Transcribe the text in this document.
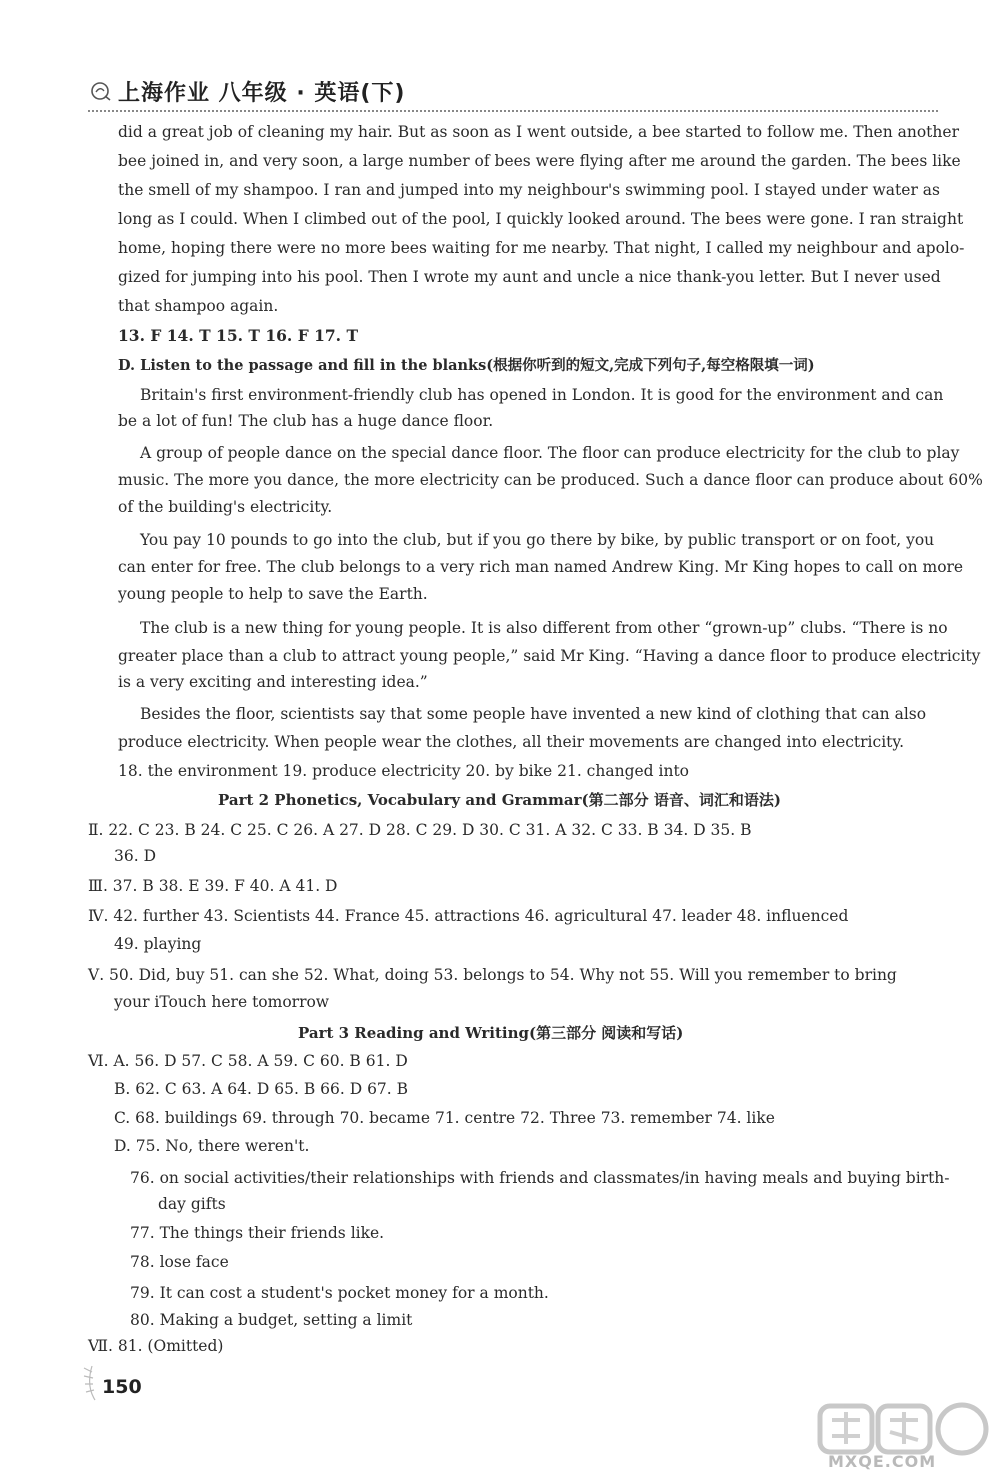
上海作业 八年级 · 英语(下)
did a great job of cleaning my hair. But as soon as I went outside, a bee started to follow me. Then another
bee joined in, and very soon, a large number of bees were flying after me around the garden. The bees like
the smell of my shampoo. I ran and jumped into my neighbour's swimming pool. I stayed under water as
long as I could. When I climbed out of the pool, I quickly looked around. The bees were gone. I ran straight
home, hoping there were no more bees waiting for me nearby. That night, I called my neighbour and apolo-
gized for jumping into his pool. Then I wrote my aunt and uncle a nice thank-you letter. But I never used
that shampoo again.
13. F 14. T 15. T 16. F 17. T
D. Listen to the passage and fill in the blanks(根据你听到的短文,完成下列句子,每空格限填一词)
Britain's first environment-friendly club has opened in London. It is good for the environment and can
be a lot of fun! The club has a huge dance floor.
A group of people dance on the special dance floor. The floor can produce electricity for the club to play
music. The more you dance, the more electricity can be produced. Such a dance floor can produce about 60%
of the building's electricity.
You pay 10 pounds to go into the club, but if you go there by bike, by public transport or on foot, you
can enter for free. The club belongs to a very rich man named Andrew King. Mr King hopes to call on more
young people to help to save the Earth.
The club is a new thing for young people. It is also different from other “grown-up” clubs. “There is no
greater place than a club to attract young people,” said Mr King. “Having a dance floor to produce electricity
is a very exciting and interesting idea.”
Besides the floor, scientists say that some people have invented a new kind of clothing that can also
produce electricity. When people wear the clothes, all their movements are changed into electricity.
18. the environment 19. produce electricity 20. by bike 21. changed into
Part 2 Phonetics, Vocabulary and Grammar(第二部分 语音、词汇和语法)
Ⅱ. 22. C 23. B 24. C 25. C 26. A 27. D 28. C 29. D 30. C 31. A 32. C 33. B 34. D 35. B
36. D
Ⅲ. 37. B 38. E 39. F 40. A 41. D
Ⅳ. 42. further 43. Scientists 44. France 45. attractions 46. agricultural 47. leader 48. influenced
49. playing
Ⅴ. 50. Did, buy 51. can she 52. What, doing 53. belongs to 54. Why not 55. Will you remember to bring
your iTouch here tomorrow
Part 3 Reading and Writing(第三部分 阅读和写话)
Ⅵ. A. 56. D 57. C 58. A 59. C 60. B 61. D
B. 62. C 63. A 64. D 65. B 66. D 67. B
C. 68. buildings 69. through 70. became 71. centre 72. Three 73. remember 74. like
D. 75. No, there weren't.
76. on social activities/their relationships with friends and classmates/in having meals and buying birth-
day gifts
77. The things their friends like.
78. lose face
79. It can cost a student's pocket money for a month.
80. Making a budget, setting a limit
Ⅶ. 81. (Omitted)
150
MXQE.COM
